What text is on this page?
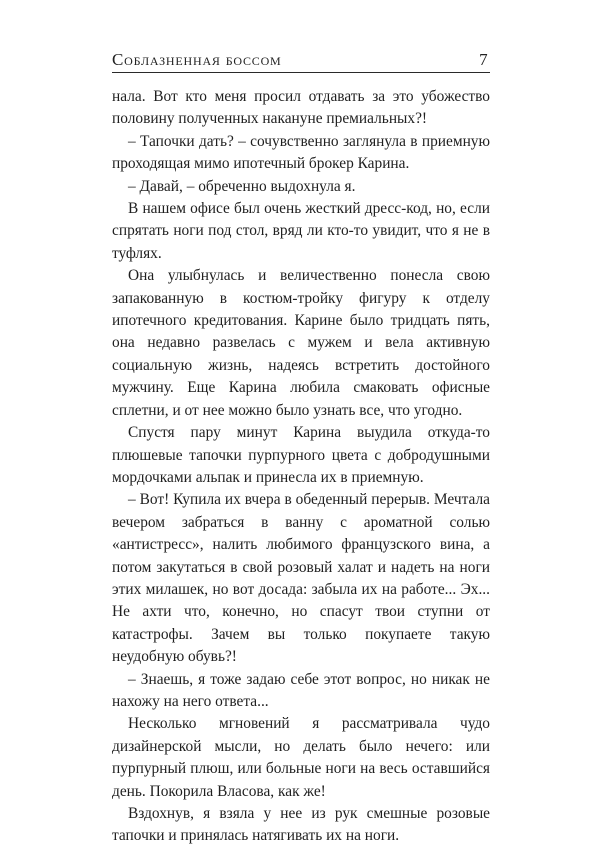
Соблазненная боссом	7

нала. Вот кто меня просил отдавать за это убожество половину полученных накануне премиальных?!

– Тапочки дать? – сочувственно заглянула в приемную проходящая мимо ипотечный брокер Карина.

– Давай, – обреченно выдохнула я.

В нашем офисе был очень жесткий дресс-код, но, если спрятать ноги под стол, вряд ли кто-то увидит, что я не в туфлях.

Она улыбнулась и величественно понесла свою запакованную в костюм-тройку фигуру к отделу ипотечного кредитования. Карине было тридцать пять, она недавно развелась с мужем и вела активную социальную жизнь, надеясь встретить достойного мужчину. Еще Карина любила смаковать офисные сплетни, и от нее можно было узнать все, что угодно.

Спустя пару минут Карина выудила откуда-то плюшевые тапочки пурпурного цвета с добродушными мордочками альпак и принесла их в приемную.

– Вот! Купила их вчера в обеденный перерыв. Мечтала вечером забраться в ванну с ароматной солью «антистресс», налить любимого французского вина, а потом закутаться в свой розовый халат и надеть на ноги этих милашек, но вот досада: забыла их на работе... Эх... Не ахти что, конечно, но спасут твои ступни от катастрофы. Зачем вы только покупаете такую неудобную обувь?!

– Знаешь, я тоже задаю себе этот вопрос, но никак не нахожу на него ответа...

Несколько мгновений я рассматривала чудо дизайнерской мысли, но делать было нечего: или пурпурный плюш, или больные ноги на весь оставшийся день. Покорила Власова, как же!

Вздохнув, я взяла у нее из рук смешные розовые тапочки и принялась натягивать их на ноги.
